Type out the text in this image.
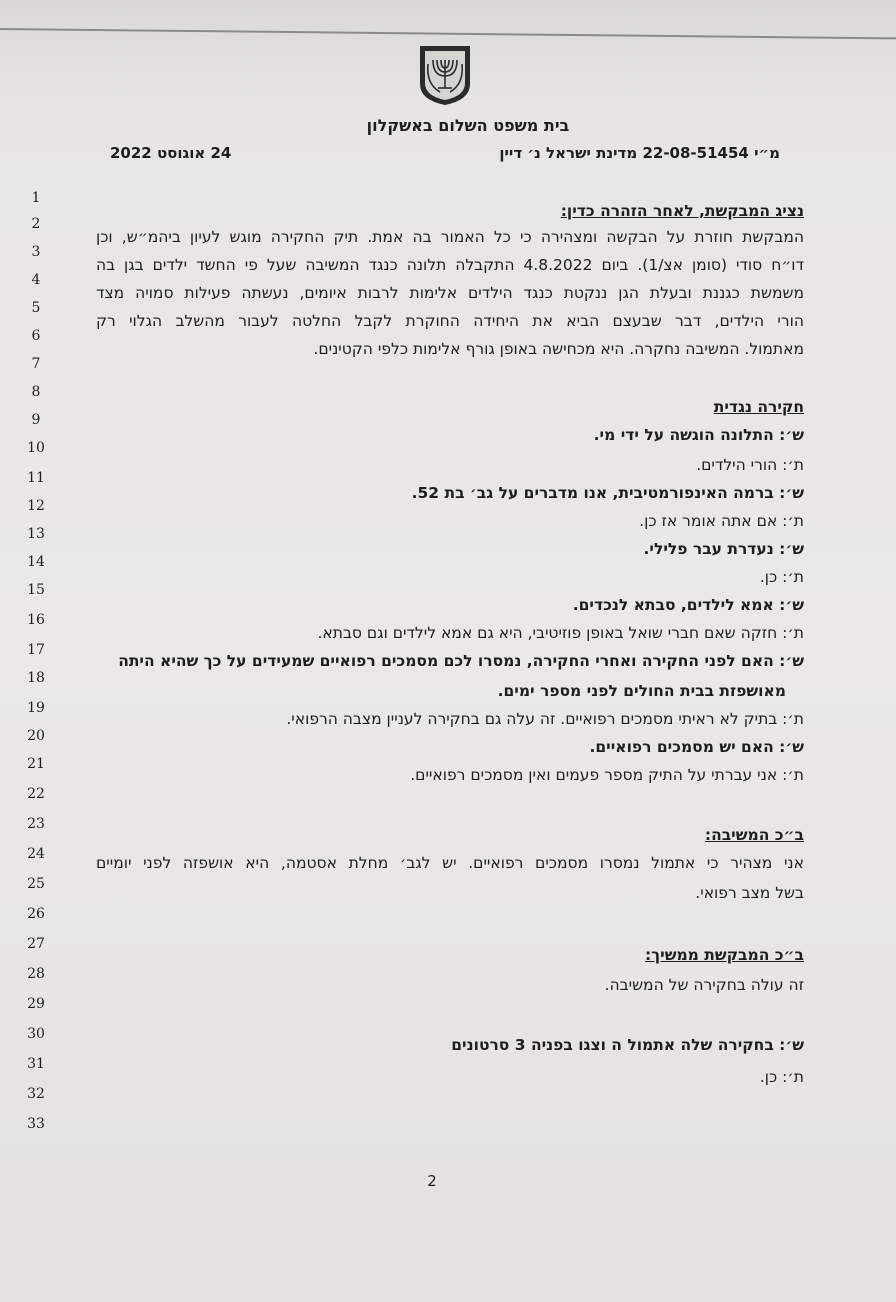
בית משפט השלום באשקלון
מ״י 22-08-51454 מדינת ישראל נ׳ דיין
24 אוגוסט 2022
1
2
3
4
5
6
7
8
9
10
11
12
13
14
15
16
17
18
19
20
21
22
23
24
25
26
27
28
29
30
31
32
33
נציג המבקשת, לאחר הזהרה כדין:
המבקשת חוזרת על הבקשה ומצהירה כי כל האמור בה אמת. תיק החקירה מוגש לעיון ביהמ״ש, וכן
דו״ח סודי (סומן אצ/1). ביום 4.8.2022 התקבלה תלונה כנגד המשיבה שעל פי החשד ילדים בגן בה
משמשת כגננת ובעלת הגן ננקטת כנגד הילדים אלימות לרבות איומים, נעשתה פעילות סמויה מצד
הורי הילדים, דבר שבעצם הביא את היחידה החוקרת לקבל החלטה לעבור מהשלב הגלוי רק
מאתמול. המשיבה נחקרה. היא מכחישה באופן גורף אלימות כלפי הקטינים.
חקירה נגדית
ש׳: התלונה הוגשה על ידי מי.
ת׳: הורי הילדים.
ש׳: ברמה האינפורמטיבית, אנו מדברים על גב׳ בת 52.
ת׳: אם אתה אומר אז כן.
ש׳: נעדרת עבר פלילי.
ת׳: כן.
ש׳: אמא לילדים, סבתא לנכדים.
ת׳: חזקה שאם חברי שואל באופן פוזיטיבי, היא גם אמא לילדים וגם סבתא.
ש׳: האם לפני החקירה ואחרי החקירה, נמסרו לכם מסמכים רפואיים שמעידים על כך שהיא היתה
מאושפזת בבית החולים לפני מספר ימים.
ת׳: בתיק לא ראיתי מסמכים רפואיים. זה עלה גם בחקירה לעניין מצבה הרפואי.
ש׳: האם יש מסמכים רפואיים.
ת׳: אני עברתי על התיק מספר פעמים ואין מסמכים רפואיים.
ב״כ המשיבה:
אני מצהיר כי אתמול נמסרו מסמכים רפואיים. יש לגב׳ מחלת אסטמה, היא אושפזה לפני יומיים
בשל מצב רפואי.
ב״כ המבקשת ממשיך:
זה עולה בחקירה של המשיבה.
ש׳: בחקירה שלה אתמול ה וצגו בפניה 3 סרטונים
ת׳: כן.
2
